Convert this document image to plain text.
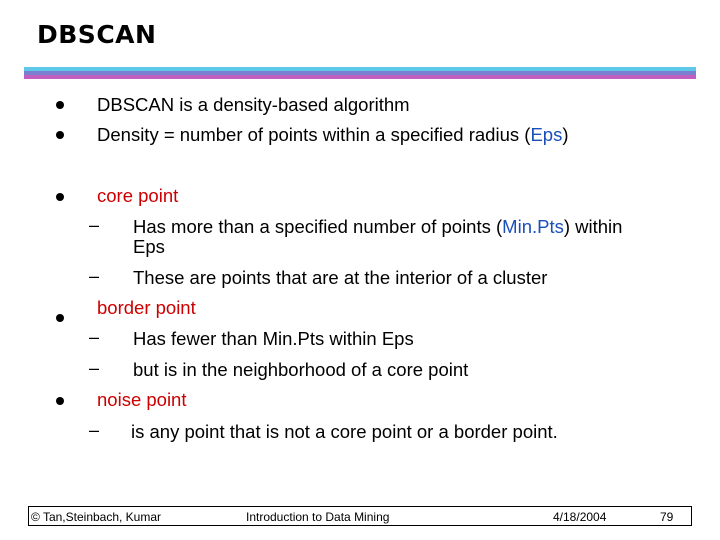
DBSCAN
DBSCAN is a density-based algorithm
Density = number of points within a specified radius (Eps)
core point
– Has more than a specified number of points (Min.Pts) within
Eps
– These are points that are at the interior of a cluster
border point
– Has fewer than Min.Pts within Eps
– but is in the neighborhood of a core point
noise point
– is any point that is not a core point or a border point.
© Tan,Steinbach, Kumar	Introduction to Data Mining	4/18/2004	79
